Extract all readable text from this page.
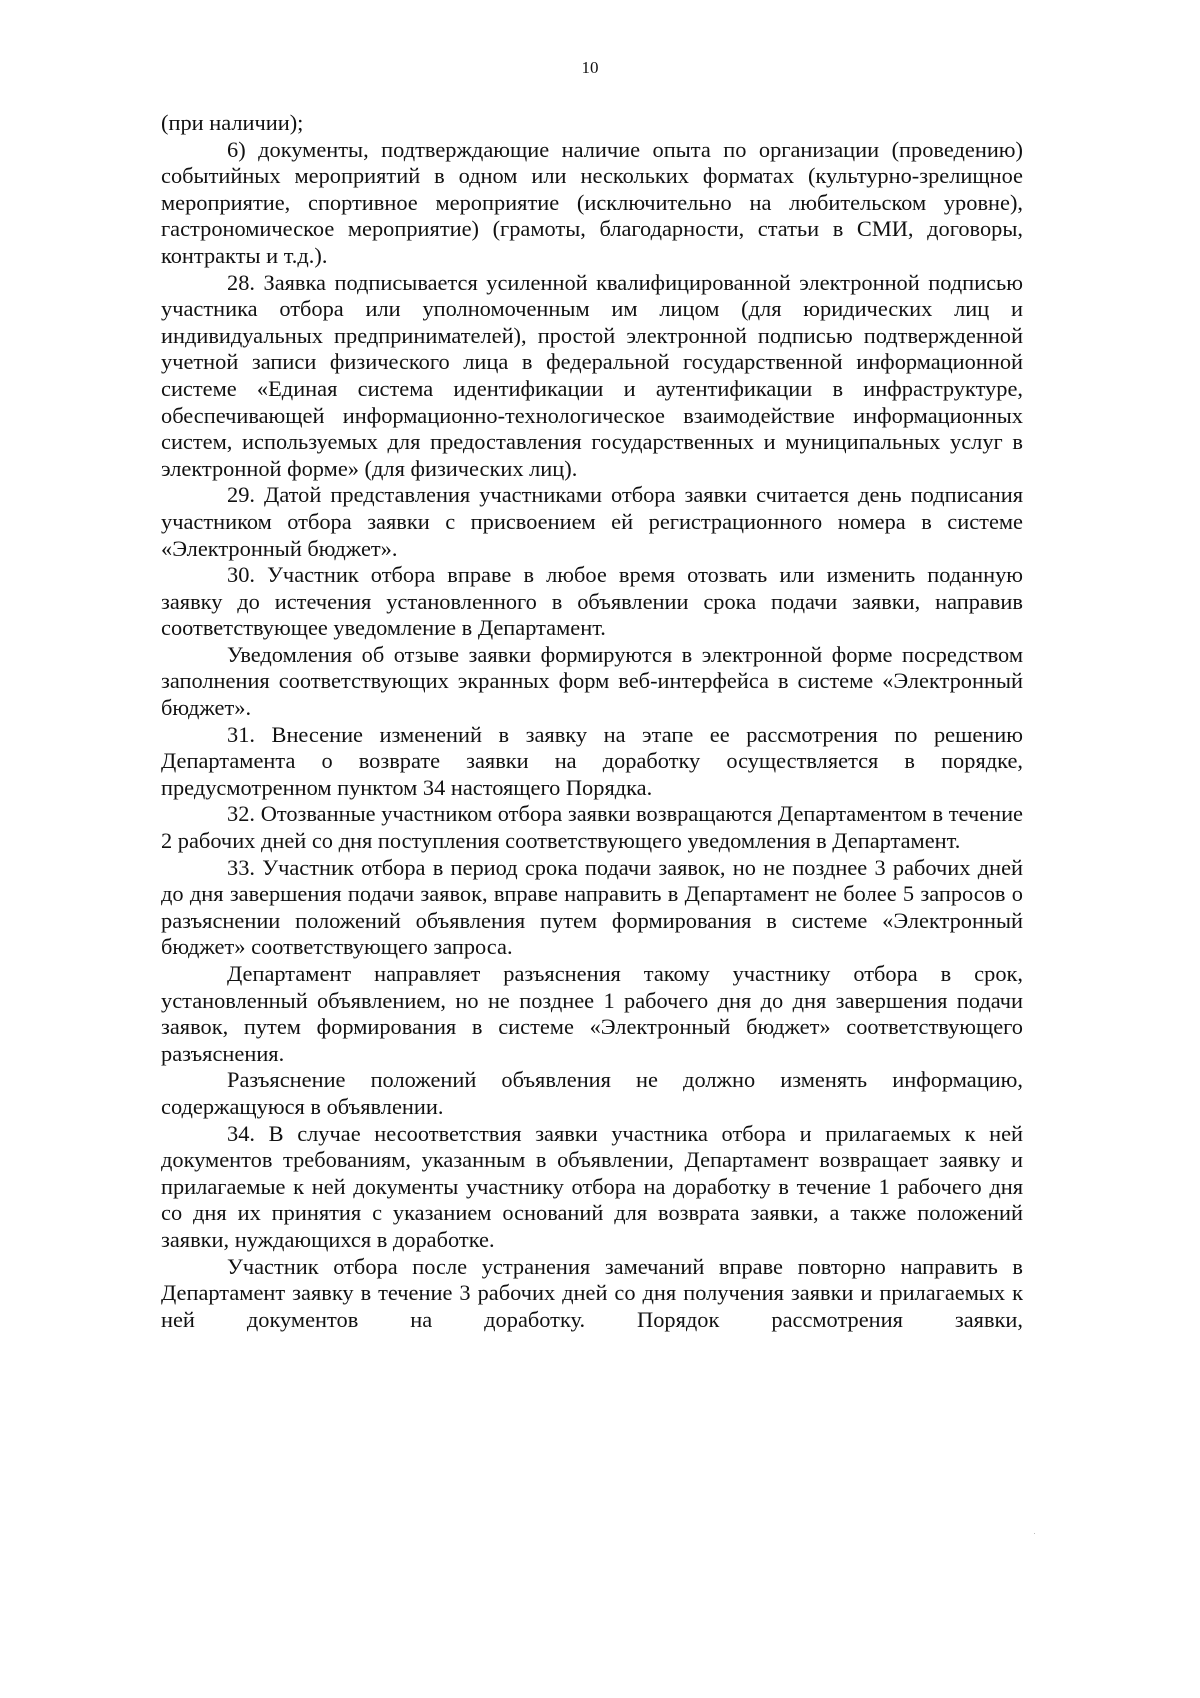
10

(при наличии);

6) документы, подтверждающие наличие опыта по организации (проведению) событийных мероприятий в одном или нескольких форматах (культурно-зрелищное мероприятие, спортивное мероприятие (исключительно на любительском уровне), гастрономическое мероприятие) (грамоты, благодарности, статьи в СМИ, договоры, контракты и т.д.).

28. Заявка подписывается усиленной квалифицированной электронной подписью участника отбора или уполномоченным им лицом (для юридических лиц и индивидуальных предпринимателей), простой электронной подписью подтвержденной учетной записи физического лица в федеральной государственной информационной системе «Единая система идентификации и аутентификации в инфраструктуре, обеспечивающей информационно-технологическое взаимодействие информационных систем, используемых для предоставления государственных и муниципальных услуг в электронной форме» (для физических лиц).

29. Датой представления участниками отбора заявки считается день подписания участником отбора заявки с присвоением ей регистрационного номера в системе «Электронный бюджет».

30. Участник отбора вправе в любое время отозвать или изменить поданную заявку до истечения установленного в объявлении срока подачи заявки, направив соответствующее уведомление в Департамент.

Уведомления об отзыве заявки формируются в электронной форме посредством заполнения соответствующих экранных форм веб-интерфейса в системе «Электронный бюджет».

31. Внесение изменений в заявку на этапе ее рассмотрения по решению Департамента о возврате заявки на доработку осуществляется в порядке, предусмотренном пунктом 34 настоящего Порядка.

32. Отозванные участником отбора заявки возвращаются Департаментом в течение 2 рабочих дней со дня поступления соответствующего уведомления в Департамент.

33. Участник отбора в период срока подачи заявок, но не позднее 3 рабочих дней до дня завершения подачи заявок, вправе направить в Департамент не более 5 запросов о разъяснении положений объявления путем формирования в системе «Электронный бюджет» соответствующего запроса.

Департамент направляет разъяснения такому участнику отбора в срок, установленный объявлением, но не позднее 1 рабочего дня до дня завершения подачи заявок, путем формирования в системе «Электронный бюджет» соответствующего разъяснения.

Разъяснение положений объявления не должно изменять информацию, содержащуюся в объявлении.

34. В случае несоответствия заявки участника отбора и прилагаемых к ней документов требованиям, указанным в объявлении, Департамент возвращает заявку и прилагаемые к ней документы участнику отбора на доработку в течение 1 рабочего дня со дня их принятия с указанием оснований для возврата заявки, а также положений заявки, нуждающихся в доработке.

Участник отбора после устранения замечаний вправе повторно направить в Департамент заявку в течение 3 рабочих дней со дня получения заявки и прилагаемых к ней документов на доработку. Порядок рассмотрения заявки,
